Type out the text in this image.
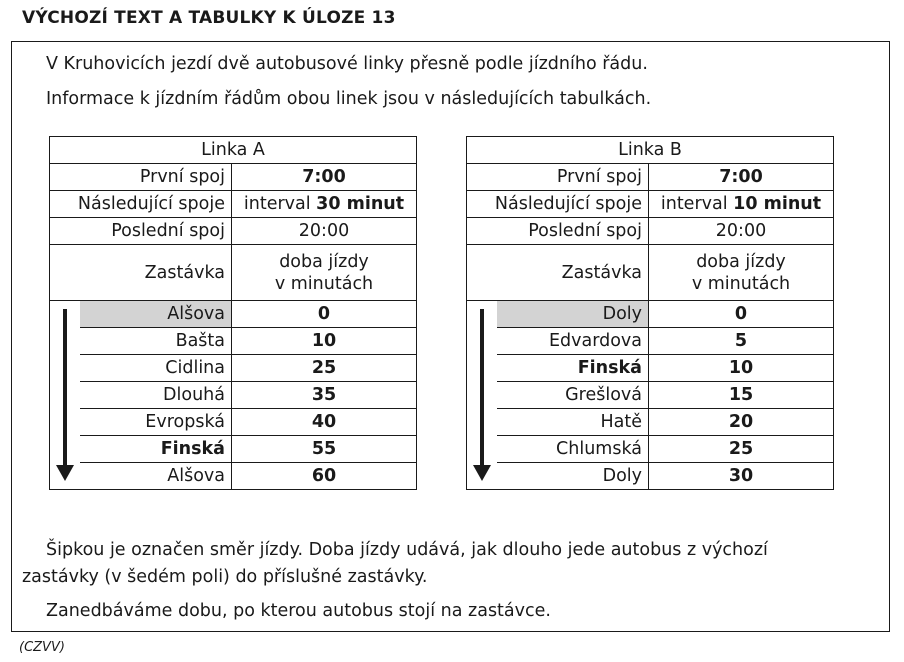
VÝCHOZÍ TEXT A TABULKY K ÚLOZE 13
V Kruhovicích jezdí dvě autobusové linky přesně podle jízdního řádu.
Informace k jízdním řádům obou linek jsou v následujících tabulkách.
Linka A		
První spoj		7:00
Následující spoje		interval 30 minut
Poslední spoj		20:00
Zastávka		doba jízdy
v minutách

	Alšova	0
	Bašta	10
	Cidlina	25
	Dlouhá	35
	Evropská	40
	Finská	55
	Alšova	60
Linka B		
První spoj		7:00
Následující spoje		interval 10 minut
Poslední spoj		20:00
Zastávka		doba jízdy
v minutách

	Doly	0
	Edvardova	5
	Finská	10
	Grešlová	15
	Hatě	20
	Chlumská	25
	Doly	30
Šipkou je označen směr jízdy. Doba jízdy udává, jak dlouho jede autobus z výchozí
zastávky (v šedém poli) do příslušné zastávky.
Zanedbáváme dobu, po kterou autobus stojí na zastávce.
(CZVV)
